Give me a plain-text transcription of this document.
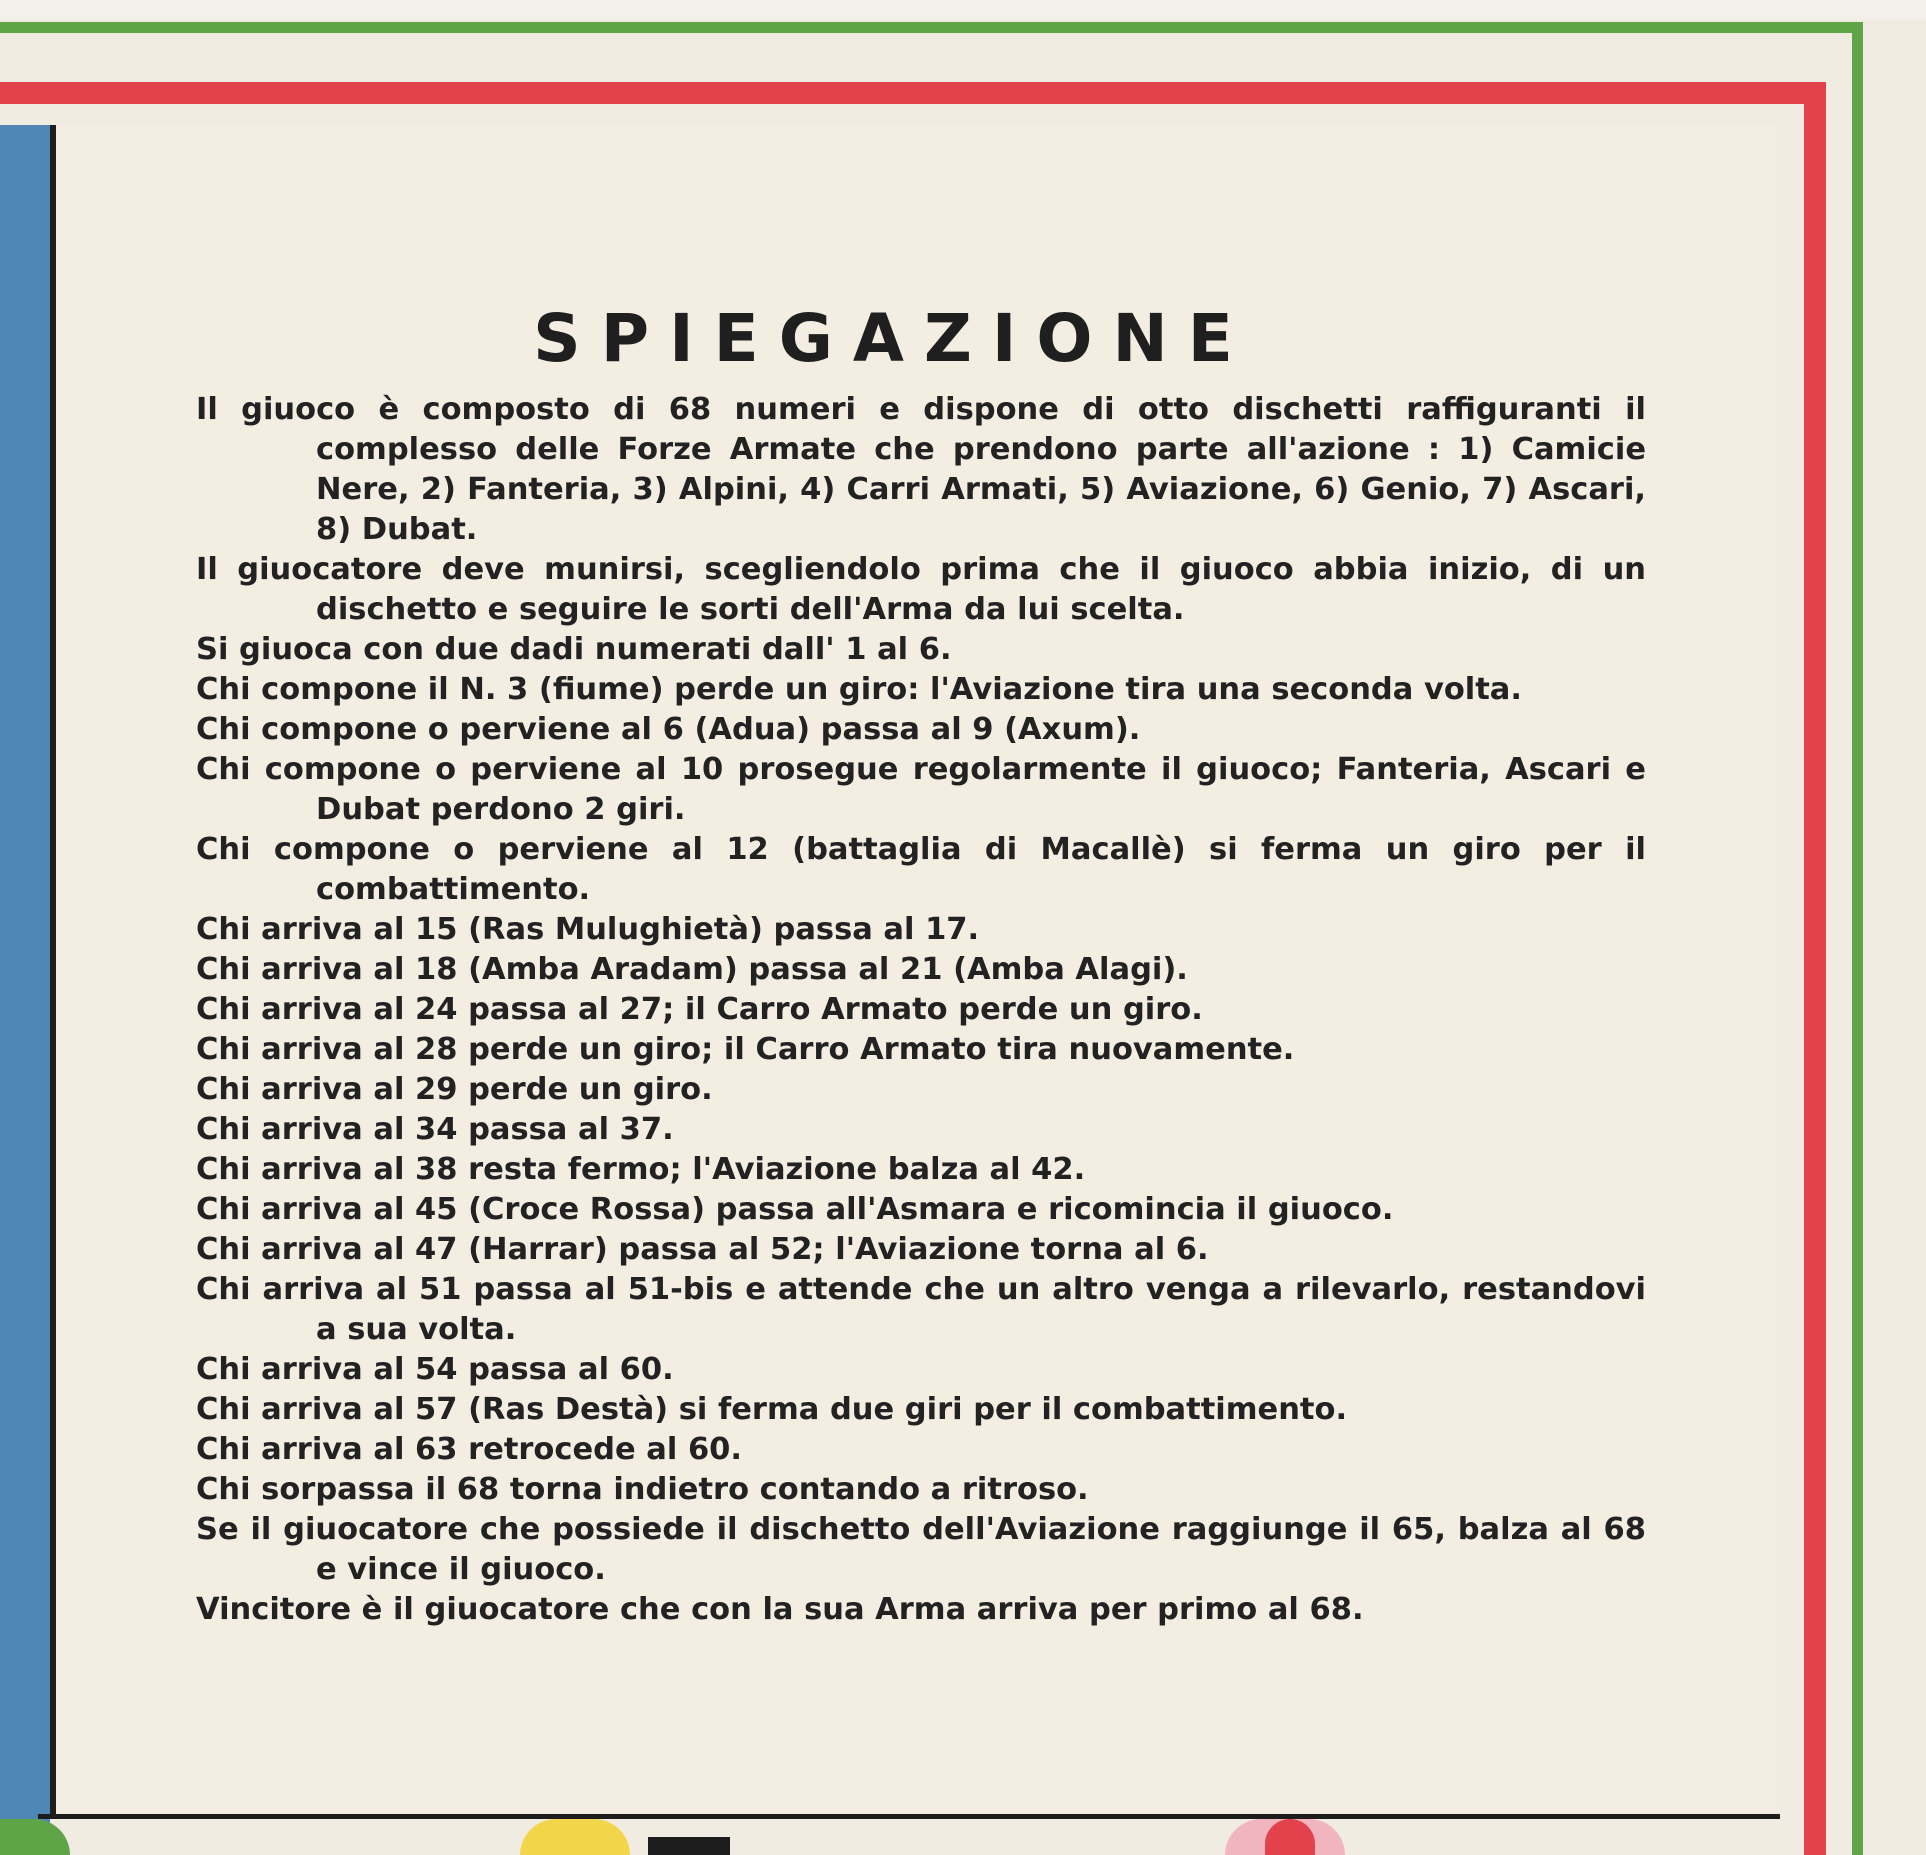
SPIEGAZIONE
Il giuoco è composto di 68 numeri e dispone di otto dischetti raffiguranti il complesso delle Forze Armate che prendono parte all'azione : 1) Camicie Nere, 2) Fanteria, 3) Alpini, 4) Carri Armati, 5) Aviazione, 6) Genio, 7) Ascari, 8) Dubat.
Il giuocatore deve munirsi, scegliendolo prima che il giuoco abbia inizio, di un dischetto e seguire le sorti dell'Arma da lui scelta.
Si giuoca con due dadi numerati dall' 1 al 6.
Chi compone il N. 3 (fiume) perde un giro: l'Aviazione tira una seconda volta.
Chi compone o perviene al 6 (Adua) passa al 9 (Axum).
Chi compone o perviene al 10 prosegue regolarmente il giuoco; Fanteria, Ascari e Dubat perdono 2 giri.
Chi compone o perviene al 12 (battaglia di Macallè) si ferma un giro per il combattimento.
Chi arriva al 15 (Ras Mulughietà) passa al 17.
Chi arriva al 18 (Amba Aradam) passa al 21 (Amba Alagi).
Chi arriva al 24 passa al 27; il Carro Armato perde un giro.
Chi arriva al 28 perde un giro; il Carro Armato tira nuovamente.
Chi arriva al 29 perde un giro.
Chi arriva al 34 passa al 37.
Chi arriva al 38 resta fermo; l'Aviazione balza al 42.
Chi arriva al 45 (Croce Rossa) passa all'Asmara e ricomincia il giuoco.
Chi arriva al 47 (Harrar) passa al 52; l'Aviazione torna al 6.
Chi arriva al 51 passa al 51-bis e attende che un altro venga a rilevarlo, restandovi a sua volta.
Chi arriva al 54 passa al 60.
Chi arriva al 57 (Ras Destà) si ferma due giri per il combattimento.
Chi arriva al 63 retrocede al 60.
Chi sorpassa il 68 torna indietro contando a ritroso.
Se il giuocatore che possiede il dischetto dell'Aviazione raggiunge il 65, balza al 68 e vince il giuoco.
Vincitore è il giuocatore che con la sua Arma arriva per primo al 68.
